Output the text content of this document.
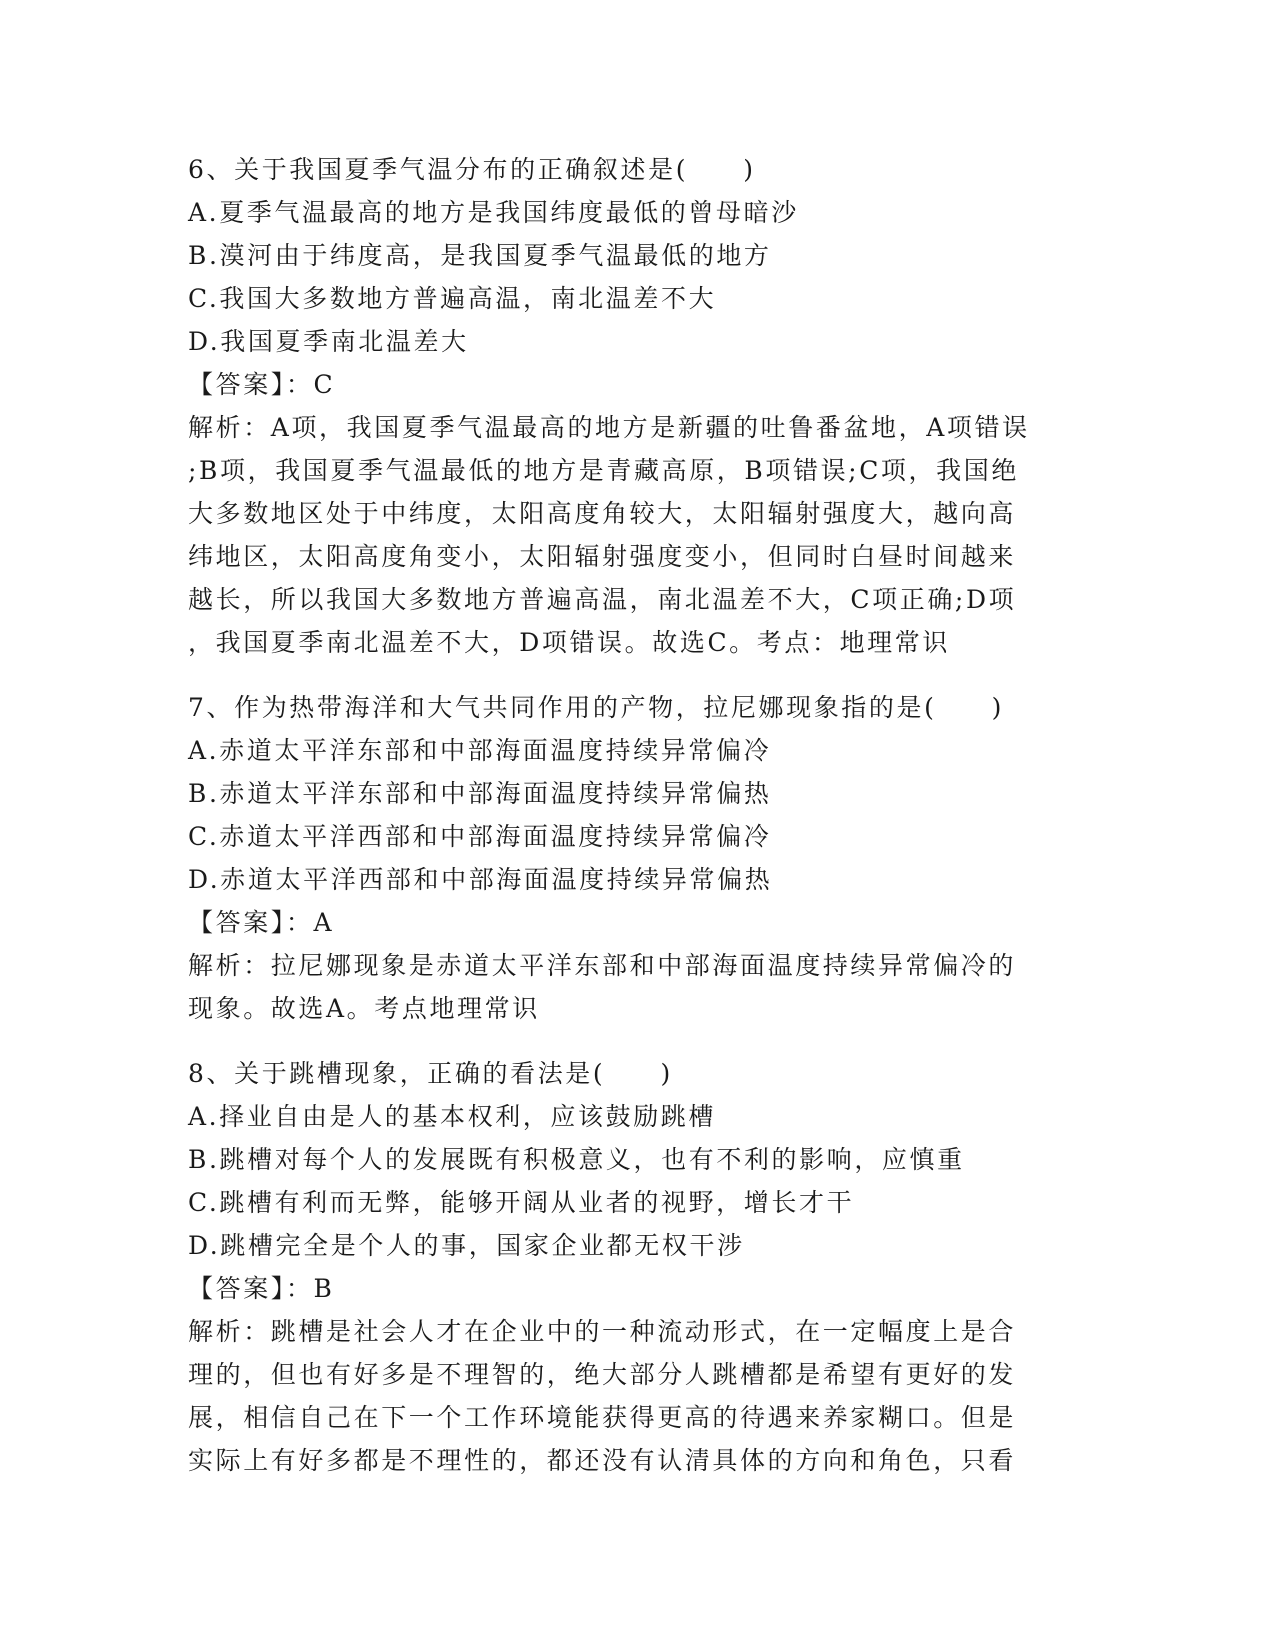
6、关于我国夏季气温分布的正确叙述是(　　)
A.夏季气温最高的地方是我国纬度最低的曾母暗沙
B.漠河由于纬度高，是我国夏季气温最低的地方
C.我国大多数地方普遍高温，南北温差不大
D.我国夏季南北温差大
【答案】：C
解析：A项，我国夏季气温最高的地方是新疆的吐鲁番盆地，A项错误
;B项，我国夏季气温最低的地方是青藏高原，B项错误;C项，我国绝
大多数地区处于中纬度，太阳高度角较大，太阳辐射强度大，越向高
纬地区，太阳高度角变小，太阳辐射强度变小，但同时白昼时间越来
越长，所以我国大多数地方普遍高温，南北温差不大，C项正确;D项
，我国夏季南北温差不大，D项错误。故选C。考点：地理常识
7、作为热带海洋和大气共同作用的产物，拉尼娜现象指的是(　　)
A.赤道太平洋东部和中部海面温度持续异常偏冷
B.赤道太平洋东部和中部海面温度持续异常偏热
C.赤道太平洋西部和中部海面温度持续异常偏冷
D.赤道太平洋西部和中部海面温度持续异常偏热
【答案】：A
解析：拉尼娜现象是赤道太平洋东部和中部海面温度持续异常偏冷的
现象。故选A。考点地理常识
8、关于跳槽现象，正确的看法是(　　)
A.择业自由是人的基本权利，应该鼓励跳槽
B.跳槽对每个人的发展既有积极意义，也有不利的影响，应慎重
C.跳槽有利而无弊，能够开阔从业者的视野，增长才干
D.跳槽完全是个人的事，国家企业都无权干涉
【答案】：B
解析：跳槽是社会人才在企业中的一种流动形式，在一定幅度上是合
理的，但也有好多是不理智的，绝大部分人跳槽都是希望有更好的发
展，相信自己在下一个工作环境能获得更高的待遇来养家糊口。但是
实际上有好多都是不理性的，都还没有认清具体的方向和角色，只看
